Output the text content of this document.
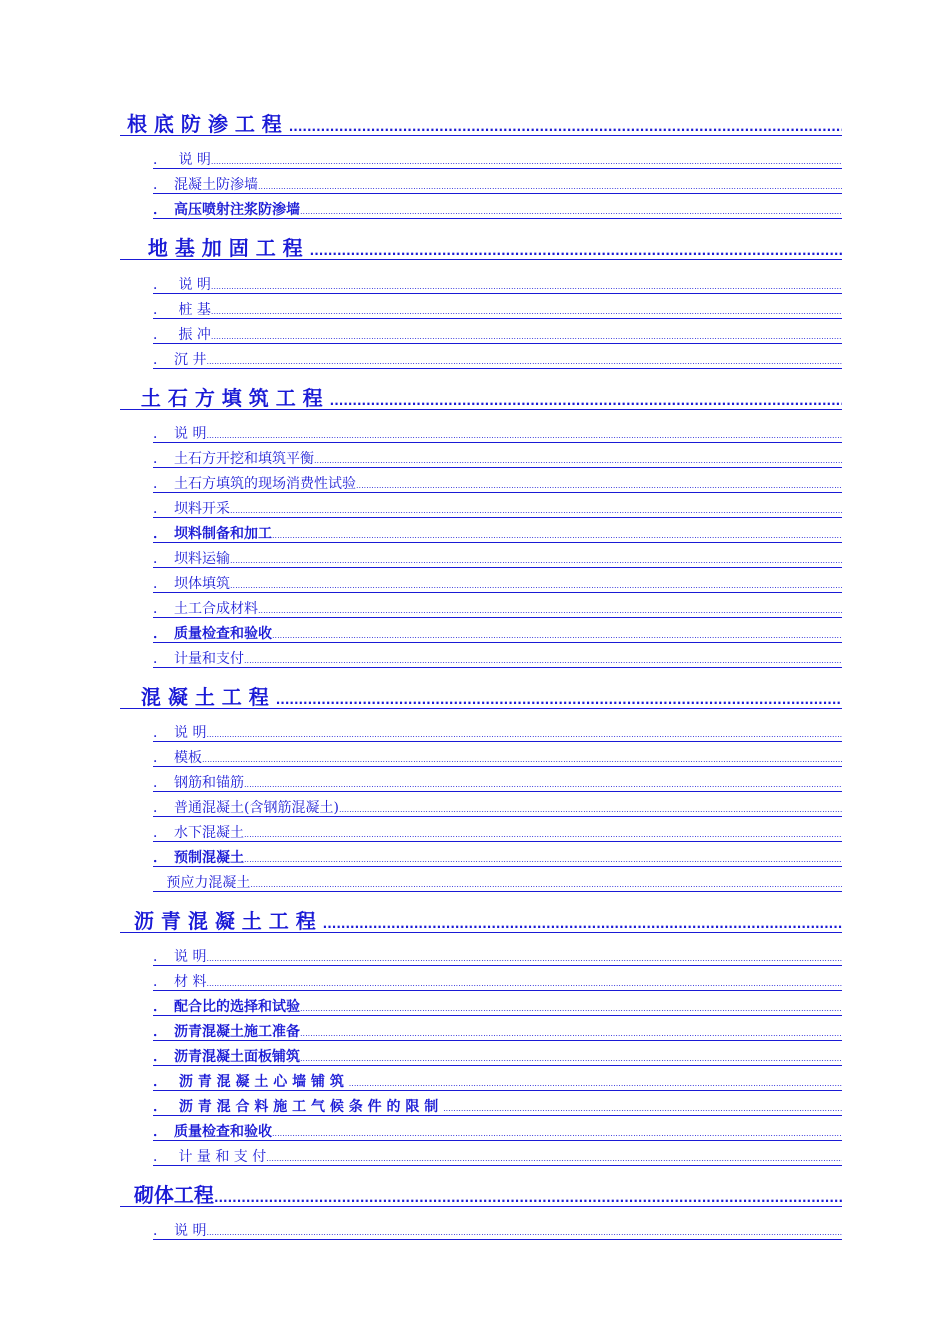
根 底 防 渗 工 程
.....
．　 说 明
.....
．　混凝土防渗墙
.....
．　高压喷射注浆防渗墙
.....
地 基 加 固 工 程
.....
．　 说 明
.....
．　 桩 基
.....
．　 振 冲
.....
．　沉 井
.....
土 石 方 填 筑 工 程
.....
．　说 明
.....
．　土石方开挖和填筑平衡
.....
．　土石方填筑的现场消费性试验
.....
．　坝料开采
.....
．　坝料制备和加工
.....
．　坝料运输
.....
．　坝体填筑
.....
．　土工合成材料
.....
．　质量检查和验收
.....
．　计量和支付
.....
混 凝 土 工 程
.....
．　说 明
.....
．　模板
.....
．　钢筋和锚筋
.....
．　普通混凝土(含钢筋混凝土)
.....
．　水下混凝土
.....
．　预制混凝土
.....
预应力混凝土
.....
沥 青 混 凝 土 工 程
.....
．　说 明
.....
．　材 料
.....
．　配合比的选择和试验
.....
．　沥青混凝土施工准备
.....
．　沥青混凝土面板铺筑
.....
．　 沥 青 混 凝 土 心 墙 铺 筑
.....
．　 沥 青 混 合 料 施 工 气 候 条 件 的 限 制
.....
．　质量检查和验收
.....
．　 计 量 和 支 付
.....
砌体工程
.....
．　说 明
.....
